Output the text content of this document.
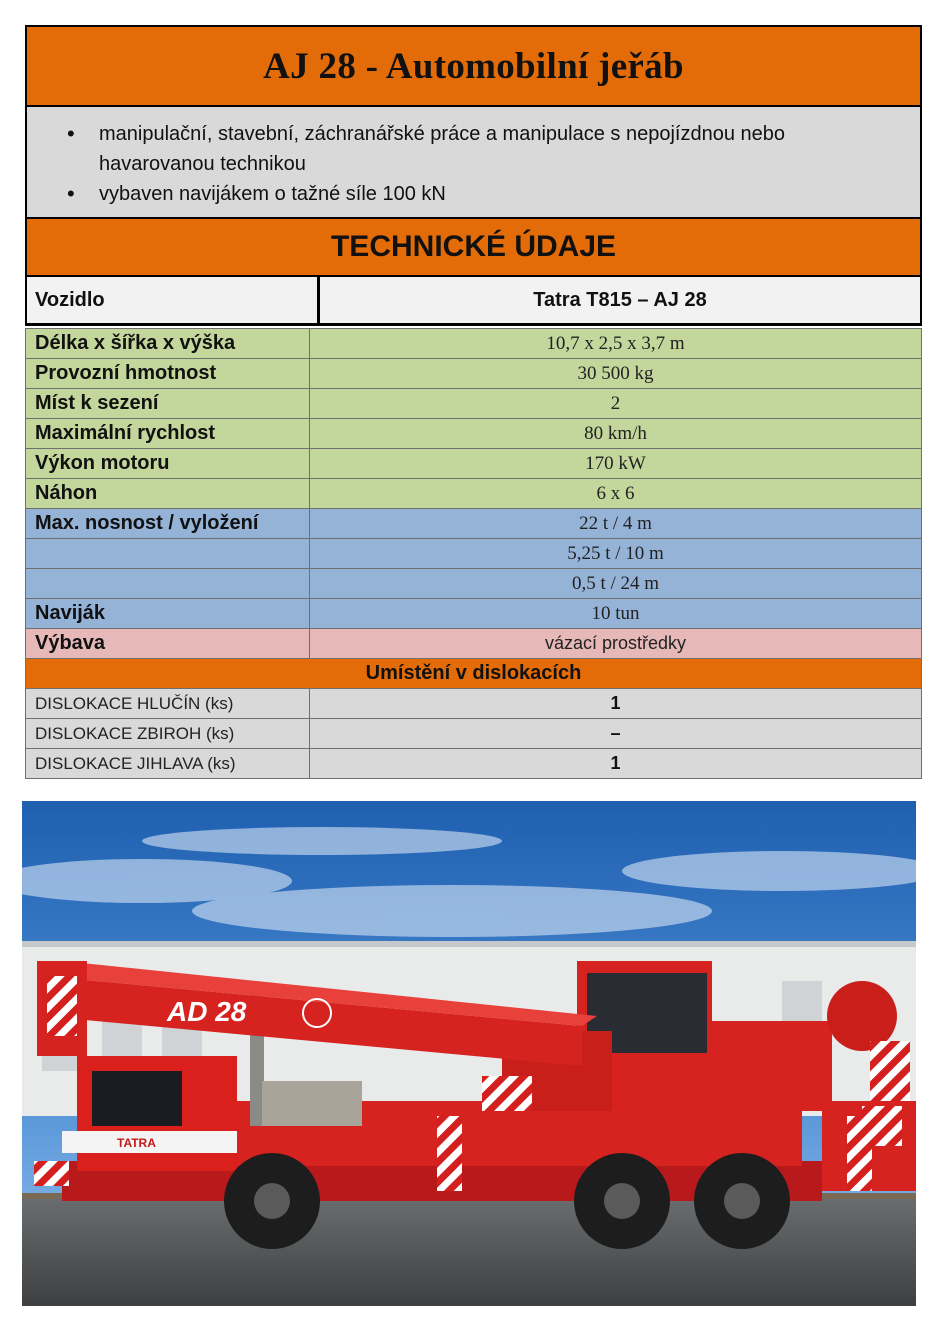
AJ 28 - Automobilní jeřáb
• manipulační, stavební, záchranářské práce a manipulace s nepojízdnou nebo havarovanou technikou
• vybaven navijákem o tažné síle 100 kN
TECHNICKÉ ÚDAJE
Vozidlo	Tatra T815 – AJ 28
Délka x šířka x výška	10,7 x 2,5 x 3,7 m
Provozní hmotnost	30 500 kg
Míst k sezení	2
Maximální rychlost	80 km/h
Výkon motoru	170 kW
Náhon	6 x 6
Max. nosnost / vyložení	22 t / 4 m
	5,25 t / 10 m
	0,5 t / 24 m
Naviják	10 tun
Výbava	vázací prostředky
Umístění v dislokacích	
DISLOKACE HLUČÍN (ks)	1
DISLOKACE ZBIROH (ks)	–
DISLOKACE JIHLAVA (ks)	1
TATRA
AD 28
